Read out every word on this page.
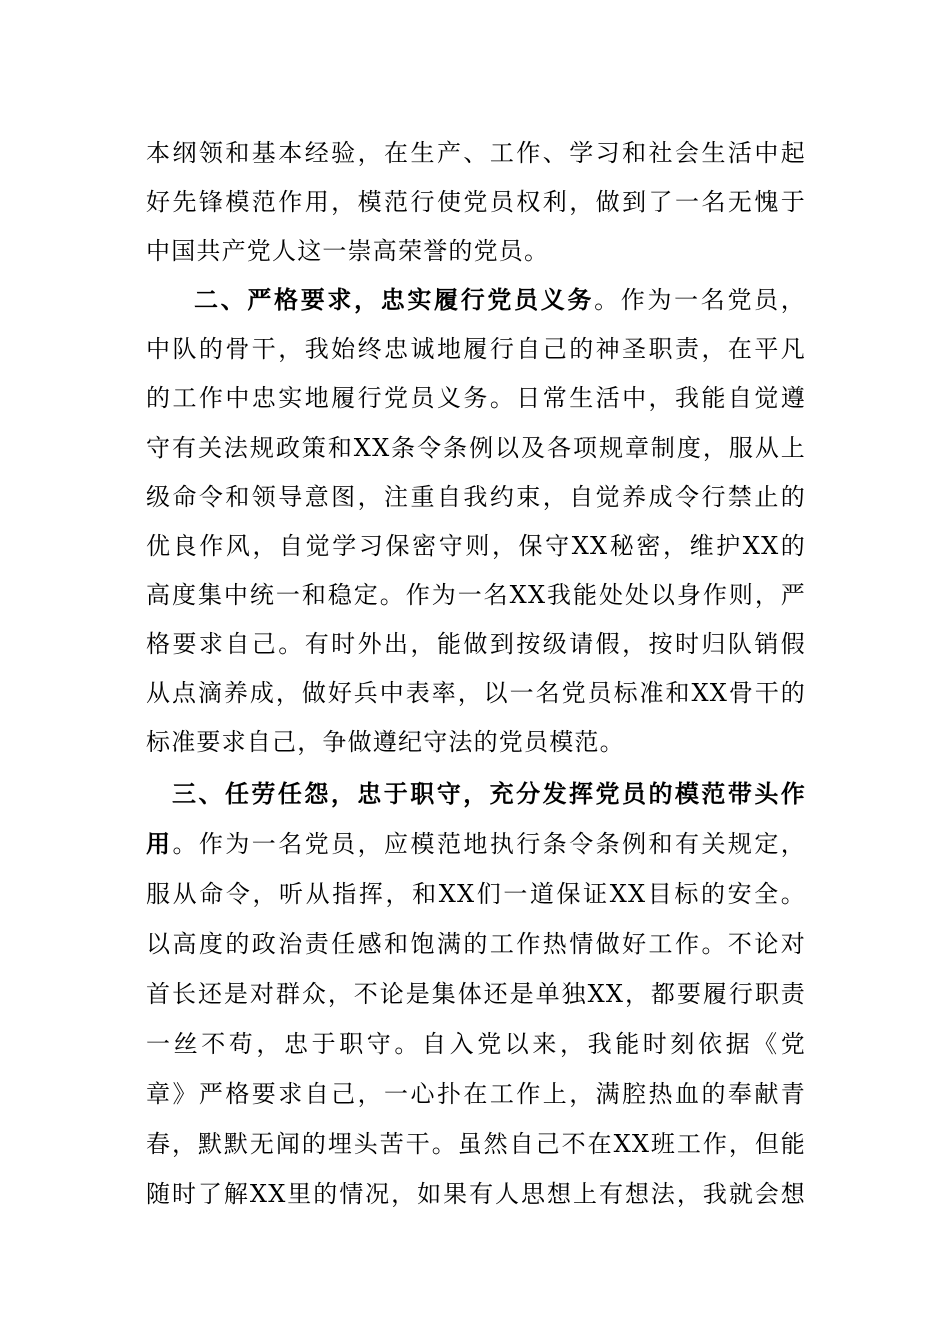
本纲领和基本经验，在生产、工作、学习和社会生活中起
好先锋模范作用，模范行使党员权利，做到了一名无愧于
中国共产党人这一崇高荣誉的党员。
二、严格要求，忠实履行党员义务。作为一名党员，
中队的骨干，我始终忠诚地履行自己的神圣职责，在平凡
的工作中忠实地履行党员义务。日常生活中，我能自觉遵
守有关法规政策和XX条令条例以及各项规章制度，服从上
级命令和领导意图，注重自我约束，自觉养成令行禁止的
优良作风，自觉学习保密守则，保守XX秘密，维护XX的
高度集中统一和稳定。作为一名XX我能处处以身作则，严
格要求自己。有时外出，能做到按级请假，按时归队销假
从点滴养成，做好兵中表率，以一名党员标准和XX骨干的
标准要求自己，争做遵纪守法的党员模范。
三、任劳任怨，忠于职守，充分发挥党员的模范带头作
用。作为一名党员，应模范地执行条令条例和有关规定，
服从命令，听从指挥，和XX们一道保证XX目标的安全。
以高度的政治责任感和饱满的工作热情做好工作。不论对
首长还是对群众，不论是集体还是单独XX，都要履行职责
一丝不苟，忠于职守。自入党以来，我能时刻依据《党
章》严格要求自己，一心扑在工作上，满腔热血的奉献青
春，默默无闻的埋头苦干。虽然自己不在XX班工作，但能
随时了解XX里的情况，如果有人思想上有想法，我就会想
